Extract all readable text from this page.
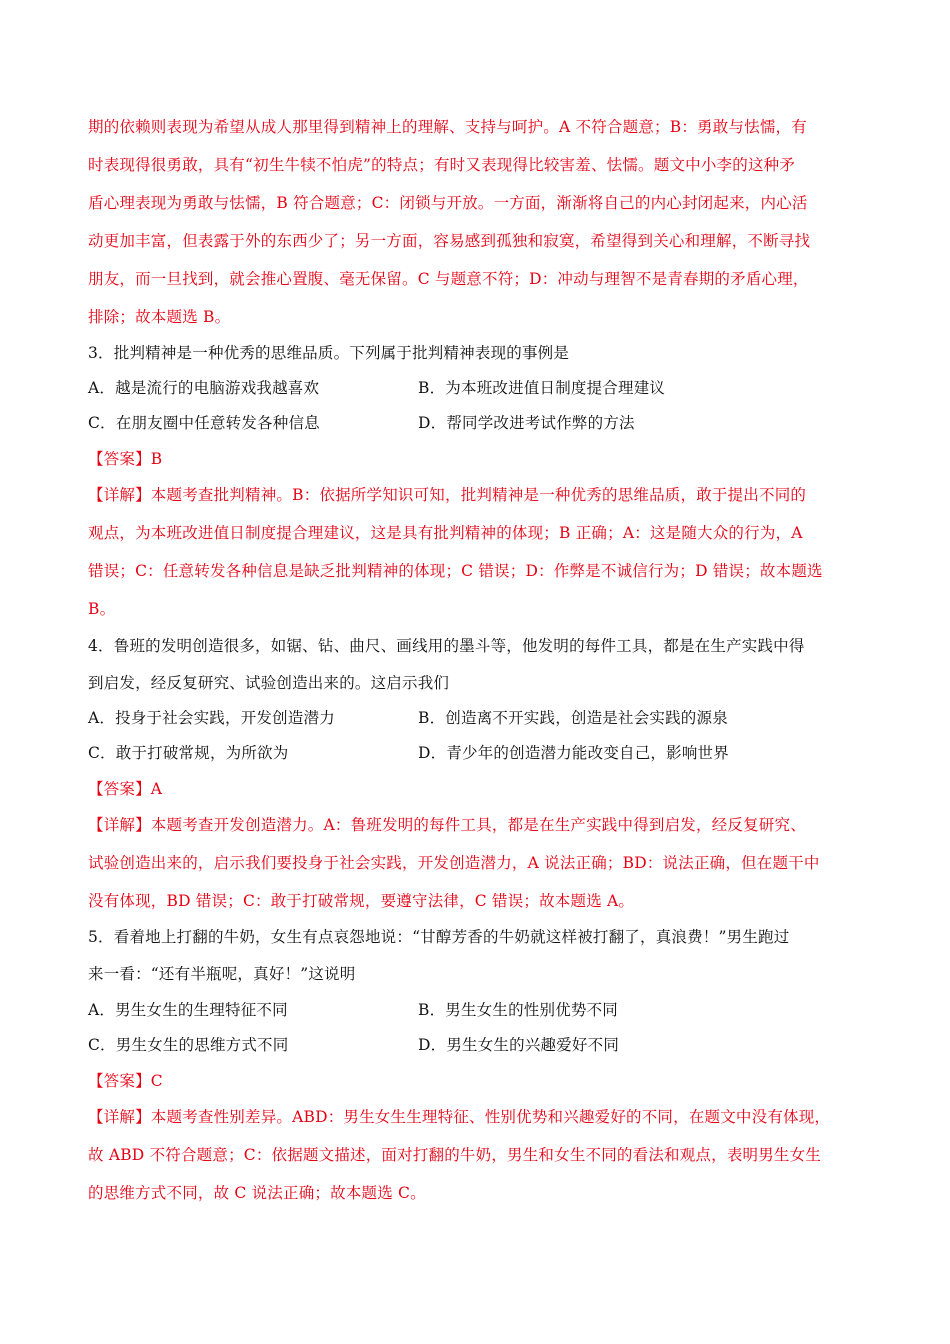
期的依赖则表现为希望从成人那里得到精神上的理解、支持与呵护。A 不符合题意；B：勇敢与怯懦，有
时表现得很勇敢，具有“初生牛犊不怕虎”的特点；有时又表现得比较害羞、怯懦。题文中小李的这种矛
盾心理表现为勇敢与怯懦，B 符合题意；C：闭锁与开放。一方面，渐渐将自己的内心封闭起来，内心活
动更加丰富，但表露于外的东西少了；另一方面，容易感到孤独和寂寞，希望得到关心和理解，不断寻找
朋友，而一旦找到，就会推心置腹、毫无保留。C 与题意不符；D：冲动与理智不是青春期的矛盾心理，
排除；故本题选 B。
3．批判精神是一种优秀的思维品质。下列属于批判精神表现的事例是
A．越是流行的电脑游戏我越喜欢	B．为本班改进值日制度提合理建议
C．在朋友圈中任意转发各种信息	D．帮同学改进考试作弊的方法
【答案】B
【详解】本题考查批判精神。B：依据所学知识可知，批判精神是一种优秀的思维品质，敢于提出不同的
观点，为本班改进值日制度提合理建议，这是具有批判精神的体现；B 正确；A：这是随大众的行为，A
错误；C：任意转发各种信息是缺乏批判精神的体现；C 错误；D：作弊是不诚信行为；D 错误；故本题选
B。
4．鲁班的发明创造很多，如锯、钻、曲尺、画线用的墨斗等，他发明的每件工具，都是在生产实践中得
到启发，经反复研究、试验创造出来的。这启示我们
A．投身于社会实践，开发创造潜力	B．创造离不开实践，创造是社会实践的源泉
C．敢于打破常规，为所欲为	D．青少年的创造潜力能改变自己，影响世界
【答案】A
【详解】本题考查开发创造潜力。A：鲁班发明的每件工具，都是在生产实践中得到启发，经反复研究、
试验创造出来的，启示我们要投身于社会实践，开发创造潜力，A 说法正确；BD：说法正确，但在题干中
没有体现，BD 错误；C：敢于打破常规，要遵守法律，C 错误；故本题选 A。
5．看着地上打翻的牛奶，女生有点哀怨地说：“甘醇芳香的牛奶就这样被打翻了，真浪费！”男生跑过
来一看：“还有半瓶呢，真好！”这说明
A．男生女生的生理特征不同	B．男生女生的性别优势不同
C．男生女生的思维方式不同	D．男生女生的兴趣爱好不同
【答案】C
【详解】本题考查性别差异。ABD：男生女生生理特征、性别优势和兴趣爱好的不同，在题文中没有体现，
故 ABD 不符合题意；C：依据题文描述，面对打翻的牛奶，男生和女生不同的看法和观点，表明男生女生
的思维方式不同，故 C 说法正确；故本题选 C。
